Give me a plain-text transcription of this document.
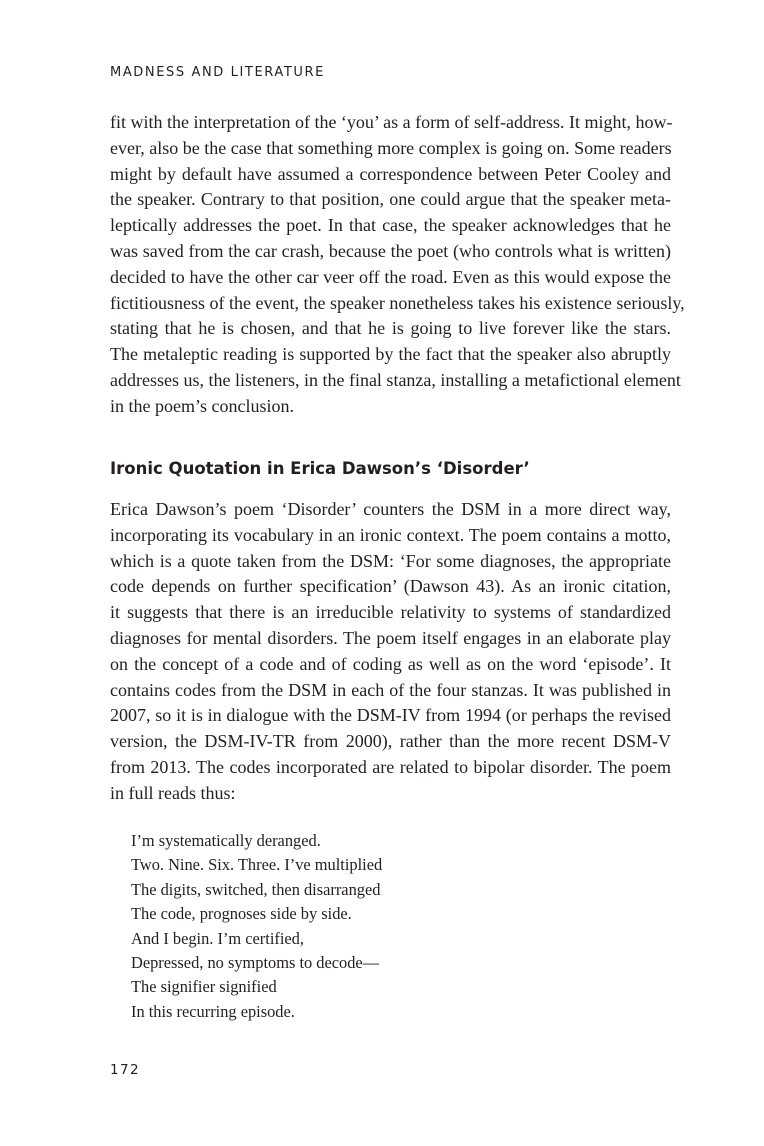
MADNESS AND LITERATURE
fit with the interpretation of the ‘you’ as a form of self-address. It might, how-
ever, also be the case that something more complex is going on. Some readers
might by default have assumed a correspondence between Peter Cooley and
the speaker. Contrary to that position, one could argue that the speaker meta-
leptically addresses the poet. In that case, the speaker acknowledges that he
was saved from the car crash, because the poet (who controls what is written)
decided to have the other car veer off the road. Even as this would expose the
fictitiousness of the event, the speaker nonetheless takes his existence seriously,
stating that he is chosen, and that he is going to live forever like the stars.
The metaleptic reading is supported by the fact that the speaker also abruptly
addresses us, the listeners, in the final stanza, installing a metafictional element
in the poem’s conclusion.
Ironic Quotation in Erica Dawson’s ‘Disorder’
Erica Dawson’s poem ‘Disorder’ counters the DSM in a more direct way,
incorporating its vocabulary in an ironic context. The poem contains a motto,
which is a quote taken from the DSM: ‘For some diagnoses, the appropriate
code depends on further specification’ (Dawson 43). As an ironic citation,
it suggests that there is an irreducible relativity to systems of standardized
diagnoses for mental disorders. The poem itself engages in an elaborate play
on the concept of a code and of coding as well as on the word ‘episode’. It
contains codes from the DSM in each of the four stanzas. It was published in
2007, so it is in dialogue with the DSM-IV from 1994 (or perhaps the revised
version, the DSM-IV-TR from 2000), rather than the more recent DSM-V
from 2013. The codes incorporated are related to bipolar disorder. The poem
in full reads thus:
I’m systematically deranged.
Two. Nine. Six. Three. I’ve multiplied
The digits, switched, then disarranged
The code, prognoses side by side.
And I begin. I’m certified,
Depressed, no symptoms to decode—
The signifier signified
In this recurring episode.
172
